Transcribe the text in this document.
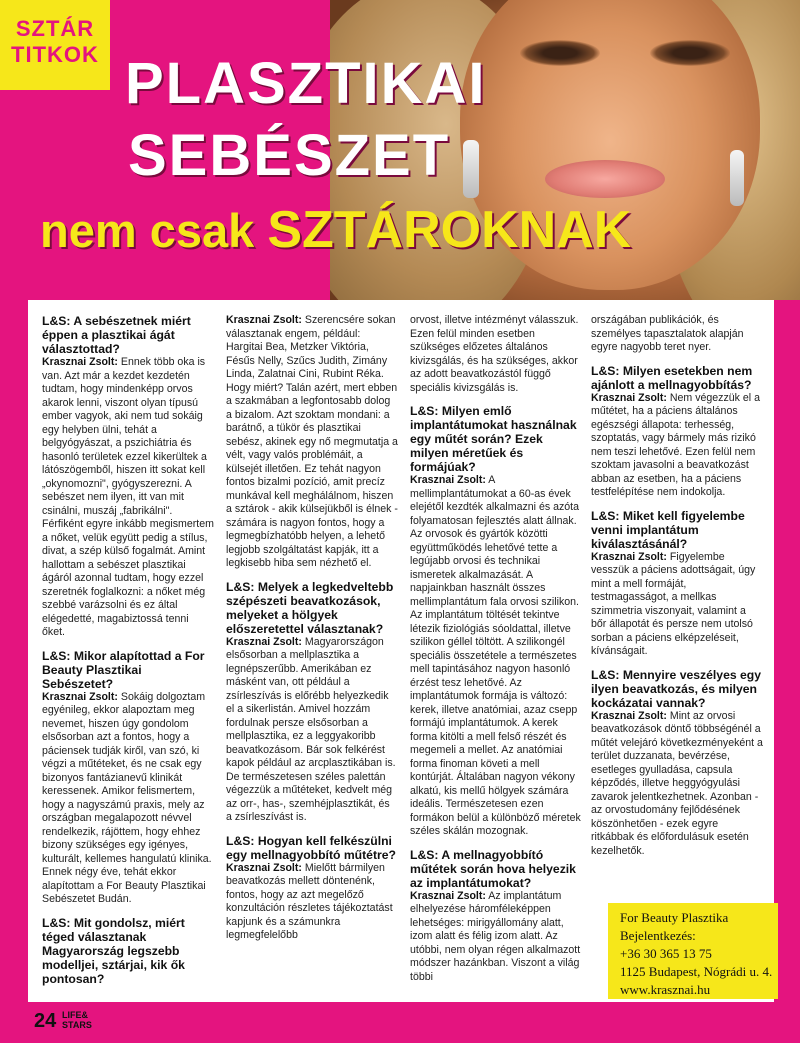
SZTÁR
TITKOK PLASZTIKAI
SEBÉSZET
nem csak SZTÁROKNAK

L&S: A sebészetnek miért éppen a plasztikai ágát választottad?
Krasznai Zsolt: Ennek több oka is van. Azt már a kezdet kezdetén tudtam, hogy mindenképp orvos akarok lenni, viszont olyan típusú ember vagyok, aki nem tud sokáig egy helyben ülni, tehát a belgyógyászat, a pszichiátria és hasonló területek ezzel kikerültek a látószögemből, hiszen itt sokat kell „okynomozni", gyógyszerezni. A sebészet nem ilyen, itt van mit csinálni, muszáj „fabrikálni". Férfiként egyre inkább megismertem a nőket, velük együtt pedig a stílus, divat, a szép külső fogalmát. Amint hallottam a sebészet plasztikai ágáról azonnal tudtam, hogy ezzel szeretnék foglalkozni: a nőket még szebbé varázsolni és ez által elégedetté, magabiztossá tenni őket.

L&S: Mikor alapítottad a For Beauty Plasztikai Sebészetet?
Krasznai Zsolt: Sokáig dolgoztam egyénileg, ekkor alapoztam meg nevemet, hiszen úgy gondolom elsősorban azt a fontos, hogy a páciensek tudják kiről, van szó, ki végzi a műtéteket, és ne csak egy bizonyos fantázianevű klinikát keressenek. Amikor felismertem, hogy a nagyszámú praxis, mely az országban megalapozott névvel rendelkezik, rájöttem, hogy ehhez bizony szükséges egy igényes, kulturált, kellemes hangulatú klinika. Ennek négy éve, tehát ekkor alapítottam a For Beauty Plasztikai Sebészetet Budán.

L&S: Mit gondolsz, miért téged választanak Magyarország legszebb modelljei, sztárjai, kik ők pontosan?

Krasznai Zsolt: Szerencsére sokan választanak engem, például: Hargitai Bea, Metzker Viktória, Fésűs Nelly, Szűcs Judith, Zimány Linda, Zalatnai Cini, Rubint Réka. Hogy miért? Talán azért, mert ebben a szakmában a legfontosabb dolog a bizalom. Azt szoktam mondani: a barátnő, a tükör és plasztikai sebész, akinek egy nő megmutatja a vélt, vagy valós problémáit, a külsejét illetően. Ez tehát nagyon fontos bizalmi pozíció, amit precíz munkával kell meghálálnom, hiszen a sztárok - akik külsejükből is élnek - számára is nagyon fontos, hogy a legmegbízhatóbb helyen, a lehető legjobb szolgáltatást kapják, itt a legkisebb hiba sem nézhető el.

L&S: Melyek a legkedveltebb szépészeti beavatkozások, melyeket a hölgyek előszeretettel választanak?
Krasznai Zsolt: Magyarországon elsősorban a mellplasztika a legnépszerűbb. Amerikában ez másként van, ott például a zsírleszívás is előrébb helyezkedik el a sikerlistán. Amivel hozzám fordulnak persze elsősorban a mellplasztika, ez a leggyakoribb beavatkozásom. Bár sok felkérést kapok például az arcplasztikában is. De természetesen széles palettán végezzük a műtéteket, kedvelt még az orr-, has-, szemhéjplasztikát, és a zsírleszívást is.

L&S: Hogyan kell felkészülni egy mellnagyobbító műtétre?
Krasznai Zsolt: Mielőtt bármilyen beavatkozás mellett döntenénk, fontos, hogy az azt megelőző konzultáción részletes tájékoztatást kapjunk és a számunkra legmegfelelőbb

orvost, illetve intézményt válasszuk. Ezen felül minden esetben szükséges előzetes általános kivizsgálás, és ha szükséges, akkor az adott beavatkozástól függő speciális kivizsgálás is.

L&S: Milyen emlő implantátumokat használnak egy műtét során? Ezek milyen méretűek és formájúak?
Krasznai Zsolt: A mellimplantátumokat a 60-as évek elejétől kezdték alkalmazni és azóta folyamatosan fejlesztés alatt állnak. Az orvosok és gyártók közötti együttműködés lehetővé tette a legújabb orvosi és technikai ismeretek alkalmazását. A napjainkban használt összes mellimplantátum fala orvosi szilikon. Az implantátum töltését tekintve létezik fiziológiás sóoldattal, illetve szilikon géllel töltött. A szilikongél speciális összetétele a természetes mell tapintásához nagyon hasonló érzést tesz lehetővé. Az implantátumok formája is változó: kerek, illetve anatómiai, azaz csepp formájú implantátumok. A kerek forma kitölti a mell felső részét és megemeli a mellet. Az anatómiai forma finoman követi a mell kontúrját. Általában nagyon vékony alkatú, kis mellű hölgyek számára ideális. Természetesen ezen formákon belül a különböző méretek széles skálán mozognak.

L&S: A mellnagyobbító műtétek során hova helyezik az implantátumokat?
Krasznai Zsolt: Az implantátum elhelyezése háromféleképpen lehetséges: mirigyállomány alatt, izom alatt és félig izom alatt. Az utóbbi, nem olyan régen alkalmazott módszer hazánkban. Viszont a világ többi

országában publikációk, és személyes tapasztalatok alapján egyre nagyobb teret nyer.

L&S: Milyen esetekben nem ajánlott a mellnagyobbítás?
Krasznai Zsolt: Nem végezzük el a műtétet, ha a páciens általános egészségi állapota: terhesség, szoptatás, vagy bármely más rizikó nem teszi lehetővé. Ezen felül nem szoktam javasolni a beavatkozást abban az esetben, ha a páciens testfelépítése nem indokolja.

L&S: Miket kell figyelembe venni implantátum kiválasztásánál?
Krasznai Zsolt: Figyelembe vesszük a páciens adottságait, úgy mint a mell formáját, testmagasságot, a mellkas szimmetria viszonyait, valamint a bőr állapotát és persze nem utolsó sorban a páciens elképzeléseit, kívánságait.

L&S: Mennyire veszélyes egy ilyen beavatkozás, és milyen kockázatai vannak?
Krasznai Zsolt: Mint az orvosi beavatkozások döntő többségénél a műtét velejáró következményeként a terület duzzanata, bevérzése, esetleges gyulladása, capsula képződés, illetve heggyógyulási zavarok jelentkezhetnek. Azonban - az orvostudomány fejlődésének köszönhetően - ezek egyre ritkábbak és előfordulásuk esetén kezelhetők.

For Beauty Plasztika
Bejelentkezés:
+36 30 365 13 75
1125 Budapest, Nógrádi u. 4.
www.krasznai.hu
24 LIFE&
STARS
